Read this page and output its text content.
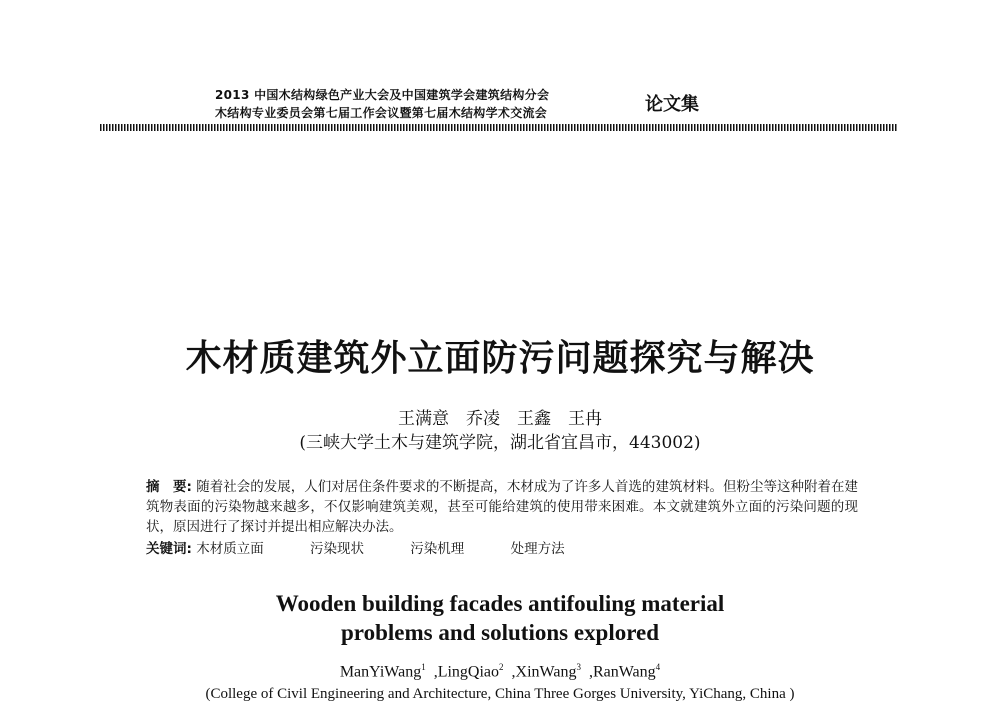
2013 中国木结构绿色产业大会及中国建筑学会建筑结构分会
木结构专业委员会第七届工作会议暨第七届木结构学术交流会	论文集
木材质建筑外立面防污问题探究与解决
王满意　乔凌　王鑫　王冉
(三峡大学土木与建筑学院，湖北省宜昌市，443002)
摘　要: 随着社会的发展，人们对居住条件要求的不断提高，木材成为了许多人首选的建筑材料。但粉尘等这种附着在建筑物表面的污染物越来越多，不仅影响建筑美观，甚至可能给建筑的使用带来困难。本文就建筑外立面的污染问题的现状，原因进行了探讨并提出相应解决办法。
关键词: 木材质立面	污染现状	污染机理	处理方法
Wooden building facades antifouling material
problems and solutions explored
ManYiWang$^1$ ,LingQiao$^2$ ,XinWang$^3$ ,RanWang$^4$
(College of Civil Engineering and Architecture, China Three Gorges University, YiChang, China )
